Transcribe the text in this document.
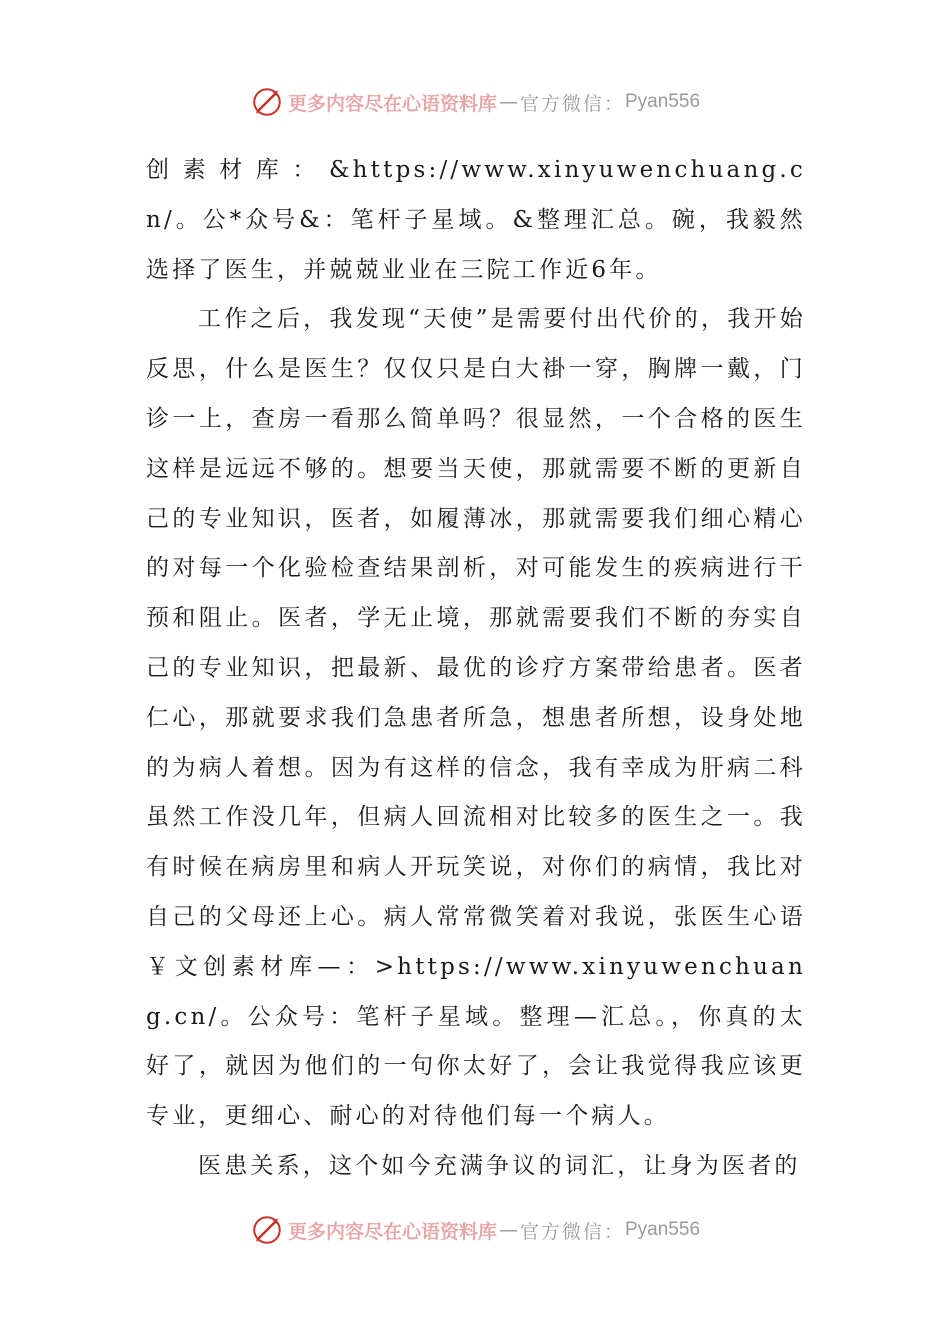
更多内容尽在心语资料库 — 官方微信： Pyan556

创素材库：&https://www.xinyuwenchuang.cn/。公*众号&：笔杆子星域。&整理汇总。碗，我毅然选择了医生，并兢兢业业在三院工作近6年。

工作之后，我发现“天使”是需要付出代价的，我开始反思，什么是医生？仅仅只是白大褂一穿，胸牌一戴，门诊一上，查房一看那么简单吗？很显然，一个合格的医生这样是远远不够的。想要当天使，那就需要不断的更新自己的专业知识，医者，如履薄冰，那就需要我们细心精心的对每一个化验检查结果剖析，对可能发生的疾病进行干预和阻止。医者，学无止境，那就需要我们不断的夯实自己的专业知识，把最新、最优的诊疗方案带给患者。医者仁心，那就要求我们急患者所急，想患者所想，设身处地的为病人着想。因为有这样的信念，我有幸成为肝病二科虽然工作没几年，但病人回流相对比较多的医生之一。我有时候在病房里和病人开玩笑说，对你们的病情，我比对自己的父母还上心。病人常常微笑着对我说，张医生心语￥文创素材库—：>https://www.xinyuwenchuang.cn/。公众号：笔杆子星域。整理—汇总。，你真的太好了，就因为他们的一句你太好了，会让我觉得我应该更专业，更细心、耐心的对待他们每一个病人。

医患关系，这个如今充满争议的词汇，让身为医者的

更多内容尽在心语资料库 — 官方微信： Pyan556
